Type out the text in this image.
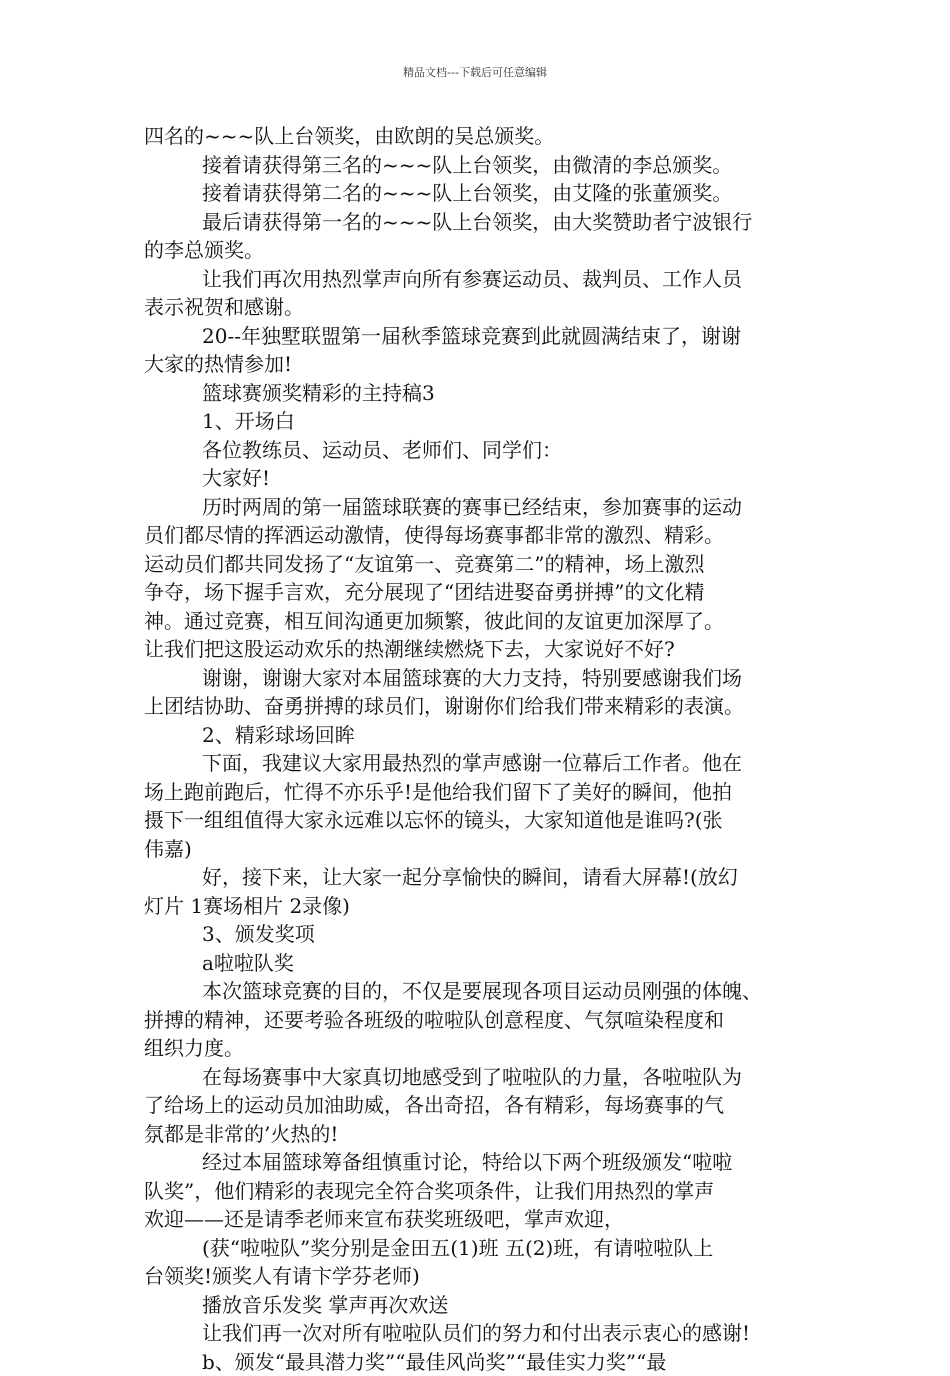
精品文档---下载后可任意编辑
四名的~~~队上台领奖，由欧朗的吴总颁奖。
接着请获得第三名的~~~队上台领奖，由微清的李总颁奖。
接着请获得第二名的~~~队上台领奖，由艾隆的张董颁奖。
最后请获得第一名的~~~队上台领奖，由大奖赞助者宁波银行
的李总颁奖。
让我们再次用热烈掌声向所有参赛运动员、裁判员、工作人员
表示祝贺和感谢。
20--年独墅联盟第一届秋季篮球竞赛到此就圆满结束了，谢谢
大家的热情参加!
篮球赛颁奖精彩的主持稿3
1、开场白
各位教练员、运动员、老师们、同学们：
大家好!
历时两周的第一届篮球联赛的赛事已经结束，参加赛事的运动
员们都尽情的挥洒运动激情，使得每场赛事都非常的激烈、精彩。
运动员们都共同发扬了“友谊第一、竞赛第二”的精神，场上激烈
争夺，场下握手言欢，充分展现了“团结进娶奋勇拼搏”的文化精
神。通过竞赛，相互间沟通更加频繁，彼此间的友谊更加深厚了。
让我们把这股运动欢乐的热潮继续燃烧下去，大家说好不好?
谢谢，谢谢大家对本届篮球赛的大力支持，特别要感谢我们场
上团结协助、奋勇拼搏的球员们，谢谢你们给我们带来精彩的表演。
2、精彩球场回眸
下面，我建议大家用最热烈的掌声感谢一位幕后工作者。他在
场上跑前跑后，忙得不亦乐乎!是他给我们留下了美好的瞬间，他拍
摄下一组组值得大家永远难以忘怀的镜头，大家知道他是谁吗?(张
伟嘉)
好，接下来，让大家一起分享愉快的瞬间，请看大屏幕!(放幻
灯片 1赛场相片 2录像)
3、颁发奖项
a啦啦队奖
本次篮球竞赛的目的，不仅是要展现各项目运动员刚强的体魄、
拼搏的精神，还要考验各班级的啦啦队创意程度、气氛喧染程度和
组织力度。
在每场赛事中大家真切地感受到了啦啦队的力量，各啦啦队为
了给场上的运动员加油助威，各出奇招，各有精彩，每场赛事的气
氛都是非常的’火热的!
经过本届篮球筹备组慎重讨论，特给以下两个班级颁发“啦啦
队奖”，他们精彩的表现完全符合奖项条件，让我们用热烈的掌声
欢迎——还是请季老师来宣布获奖班级吧，掌声欢迎，
(获“啦啦队”奖分别是金田五(1)班 五(2)班，有请啦啦队上
台领奖!颁奖人有请卞学芬老师)
播放音乐发奖 掌声再次欢送
让我们再一次对所有啦啦队员们的努力和付出表示衷心的感谢!
b、颁发“最具潜力奖”“最佳风尚奖”“最佳实力奖”“最
